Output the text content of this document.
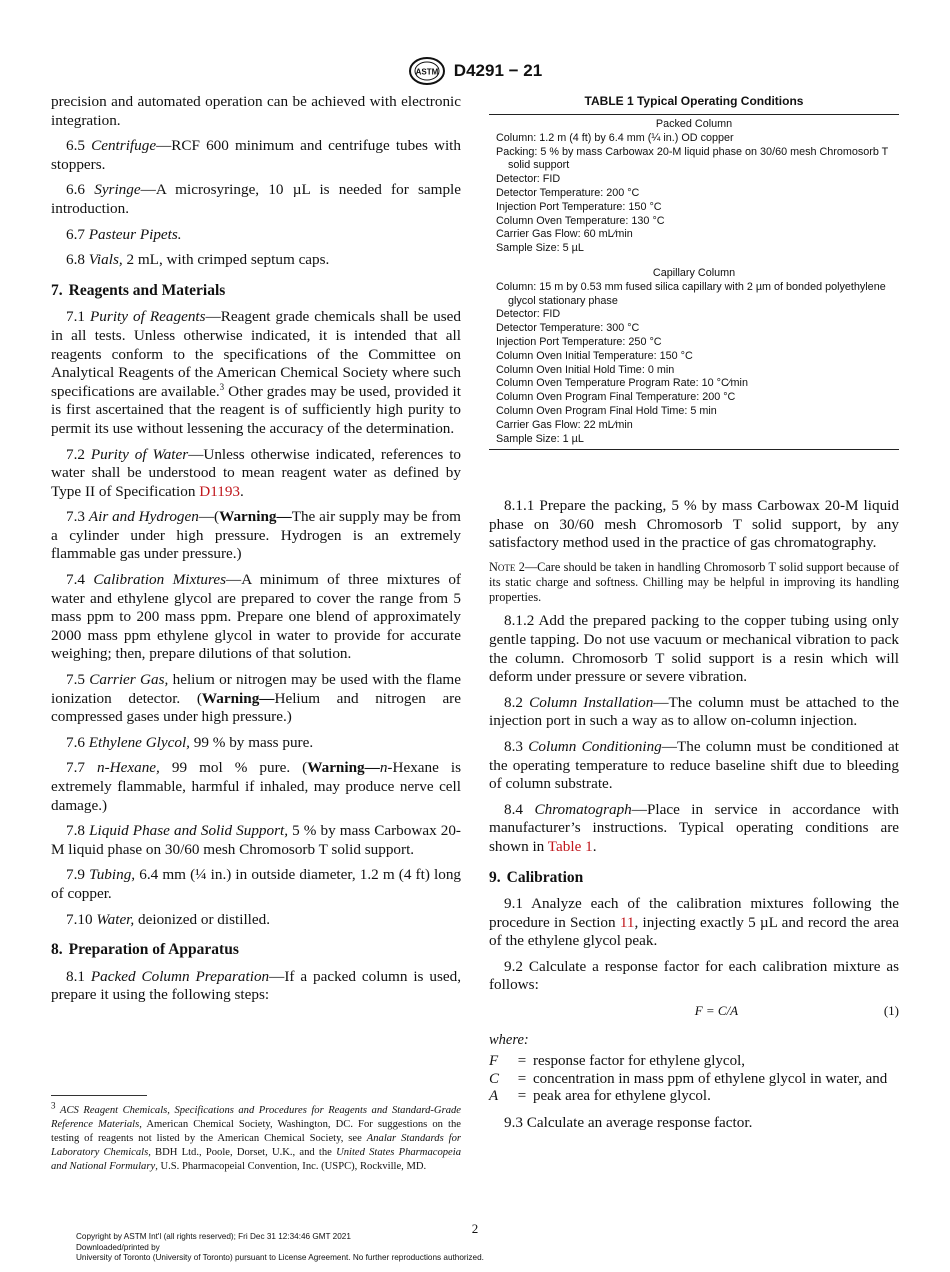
ASTM D4291 − 21

precision and automated operation can be achieved with electronic integration.

6.5 Centrifuge—RCF 600 minimum and centrifuge tubes with stoppers.

6.6 Syringe—A microsyringe, 10 µL is needed for sample introduction.

6.7 Pasteur Pipets.

6.8 Vials, 2 mL, with crimped septum caps.

7. Reagents and Materials

7.1 Purity of Reagents—Reagent grade chemicals shall be used in all tests. Unless otherwise indicated, it is intended that all reagents conform to the specifications of the Committee on Analytical Reagents of the American Chemical Society where such specifications are available.$^3$ Other grades may be used, provided it is first ascertained that the reagent is of sufficiently high purity to permit its use without lessening the accuracy of the determination.

7.2 Purity of Water—Unless otherwise indicated, references to water shall be understood to mean reagent water as defined by Type II of Specification D1193.

7.3 Air and Hydrogen—(Warning—The air supply may be from a cylinder under high pressure. Hydrogen is an extremely flammable gas under pressure.)

7.4 Calibration Mixtures—A minimum of three mixtures of water and ethylene glycol are prepared to cover the range from 5 mass ppm to 200 mass ppm. Prepare one blend of approximately 2000 mass ppm ethylene glycol in water to provide for accurate weighing; then, prepare dilutions of that solution.

7.5 Carrier Gas, helium or nitrogen may be used with the flame ionization detector. (Warning—Helium and nitrogen are compressed gases under high pressure.)

7.6 Ethylene Glycol, 99 % by mass pure.

7.7 n-Hexane, 99 mol % pure. (Warning—n-Hexane is extremely flammable, harmful if inhaled, may produce nerve cell damage.)

7.8 Liquid Phase and Solid Support, 5 % by mass Carbowax 20-M liquid phase on 30/60 mesh Chromosorb T solid support.

7.9 Tubing, 6.4 mm (¼ in.) in outside diameter, 1.2 m (4 ft) long of copper.

7.10 Water, deionized or distilled.

8. Preparation of Apparatus

8.1 Packed Column Preparation—If a packed column is used, prepare it using the following steps:

$^3$ ACS Reagent Chemicals, Specifications and Procedures for Reagents and Standard-Grade Reference Materials, American Chemical Society, Washington, DC. For suggestions on the testing of reagents not listed by the American Chemical Society, see Analar Standards for Laboratory Chemicals, BDH Ltd., Poole, Dorset, U.K., and the United States Pharmacopeia and National Formulary, U.S. Pharmacopeial Convention, Inc. (USPC), Rockville, MD.
TABLE 1 Typical Operating Conditions
Packed Column
Column: 1.2 m (4 ft) by 6.4 mm (¼ in.) OD copper
Packing: 5 % by mass Carbowax 20-M liquid phase on 30/60 mesh Chromosorb T solid support
Detector: FID
Detector Temperature: 200 °C
Injection Port Temperature: 150 °C
Column Oven Temperature: 130 °C
Carrier Gas Flow: 60 mL⁄min
Sample Size: 5 µL
Capillary Column
Column: 15 m by 0.53 mm fused silica capillary with 2 µm of bonded polyethylene glycol stationary phase
Detector: FID
Detector Temperature: 300 °C
Injection Port Temperature: 250 °C
Column Oven Initial Temperature: 150 °C
Column Oven Initial Hold Time: 0 min
Column Oven Temperature Program Rate: 10 °C⁄min
Column Oven Program Final Temperature: 200 °C
Column Oven Program Final Hold Time: 5 min
Carrier Gas Flow: 22 mL⁄min
Sample Size: 1 µL

8.1.1 Prepare the packing, 5 % by mass Carbowax 20-M liquid phase on 30/60 mesh Chromosorb T solid support, by any satisfactory method used in the practice of gas chromatography.

Note 2—Care should be taken in handling Chromosorb T solid support because of its static charge and softness. Chilling may be helpful in improving its handling properties.

8.1.2 Add the prepared packing to the copper tubing using only gentle tapping. Do not use vacuum or mechanical vibration to pack the column. Chromosorb T solid support is a resin which will deform under pressure or severe vibration.

8.2 Column Installation—The column must be attached to the injection port in such a way as to allow on-column injection.

8.3 Column Conditioning—The column must be conditioned at the operating temperature to reduce baseline shift due to bleeding of column substrate.

8.4 Chromatograph—Place in service in accordance with manufacturer’s instructions. Typical operating conditions are shown in Table 1.

9. Calibration

9.1 Analyze each of the calibration mixtures following the procedure in Section 11, injecting exactly 5 µL and record the area of the ethylene glycol peak.

9.2 Calculate a response factor for each calibration mixture as follows:

F = C/A	(1)
where:
F	= response factor for ethylene glycol,
C	= concentration in mass ppm of ethylene glycol in water, and
A	= peak area for ethylene glycol.

9.3 Calculate an average response factor.

2
Copyright by ASTM Int'l (all rights reserved); Fri Dec 31 12:34:46 GMT 2021
Downloaded/printed by
University of Toronto (University of Toronto) pursuant to License Agreement. No further reproductions authorized.
